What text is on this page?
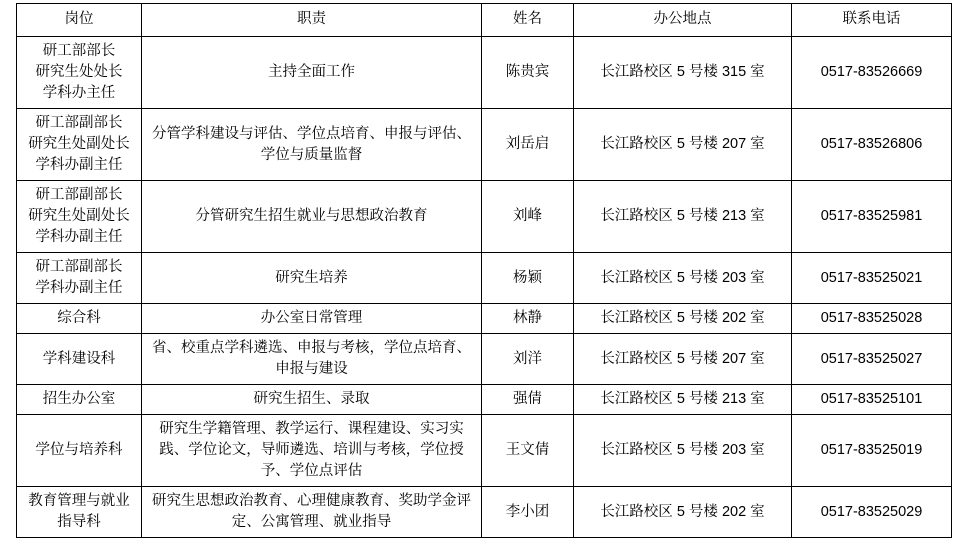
岗位	职责	姓名	办公地点	联系电话
研工部部长
研究生处处长
学科办主任	主持全面工作	陈贵宾	长江路校区 5 号楼 315 室	0517-83526669
研工部副部长
研究生处副处长
学科办副主任	分管学科建设与评估、学位点培育、申报与评估、学位与质量监督	刘岳启	长江路校区 5 号楼 207 室	0517-83526806
研工部副部长
研究生处副处长
学科办副主任	分管研究生招生就业与思想政治教育	刘峰	长江路校区 5 号楼 213 室	0517-83525981
研工部副部长
学科办副主任	研究生培养	杨颖	长江路校区 5 号楼 203 室	0517-83525021
综合科	办公室日常管理	林静	长江路校区 5 号楼 202 室	0517-83525028
学科建设科	省、校重点学科遴选、申报与考核，学位点培育、申报与建设	刘洋	长江路校区 5 号楼 207 室	0517-83525027
招生办公室	研究生招生、录取	强倩	长江路校区 5 号楼 213 室	0517-83525101
学位与培养科	研究生学籍管理、教学运行、课程建设、实习实践、学位论文，导师遴选、培训与考核，学位授予、学位点评估	王文倩	长江路校区 5 号楼 203 室	0517-83525019
教育管理与就业指导科	研究生思想政治教育、心理健康教育、奖助学金评定、公寓管理、就业指导	李小团	长江路校区 5 号楼 202 室	0517-83525029
